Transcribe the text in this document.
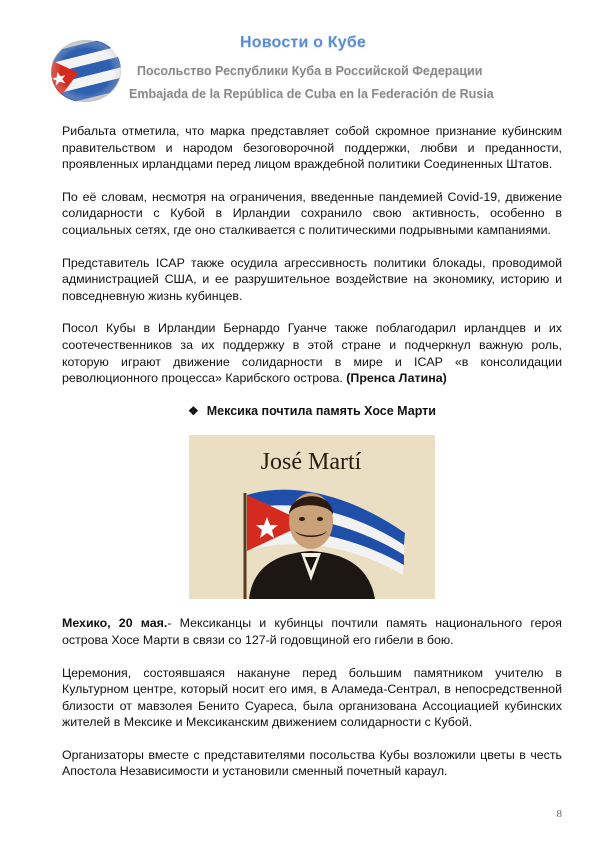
Новости о Кубе
Посольство Республики Куба в Российской Федерации
Embajada de la República de Cuba en la Federación de Rusia

Рибальта отметила, что марка представляет собой скромное признание кубинским правительством и народом безоговорочной поддержки, любви и преданности, проявленных ирландцами перед лицом враждебной политики Соединенных Штатов.

По её словам, несмотря на ограничения, введенные пандемией Covid-19, движение солидарности с Кубой в Ирландии сохранило свою активность, особенно в социальных сетях, где оно сталкивается с политическими подрывными кампаниями.

Представитель ICAP также осудила агрессивность политики блокады, проводимой администрацией США, и ее разрушительное воздействие на экономику, историю и повседневную жизнь кубинцев.

Посол Кубы в Ирландии Бернардо Гуанче также поблагодарил ирландцев и их соотечественников за их поддержку в этой стране и подчеркнул важную роль, которую играют движение солидарности в мире и ICAP «в консолидации революционного процесса» Карибского острова. (Пренса Латина)

❖ Мексика почтила память Хосе Марти
José Martí

Мехико, 20 мая.- Мексиканцы и кубинцы почтили память национального героя острова Хосе Марти в связи со 127-й годовщиной его гибели в бою.

Церемония, состоявшаяся накануне перед большим памятником учителю в Культурном центре, который носит его имя, в Аламеда-Сентрал, в непосредственной близости от мавзолея Бенито Суареса, была организована Ассоциацией кубинских жителей в Мексике и Мексиканским движением солидарности с Кубой.

Организаторы вместе с представителями посольства Кубы возложили цветы в честь Апостола Независимости и установили сменный почетный караул.

8
